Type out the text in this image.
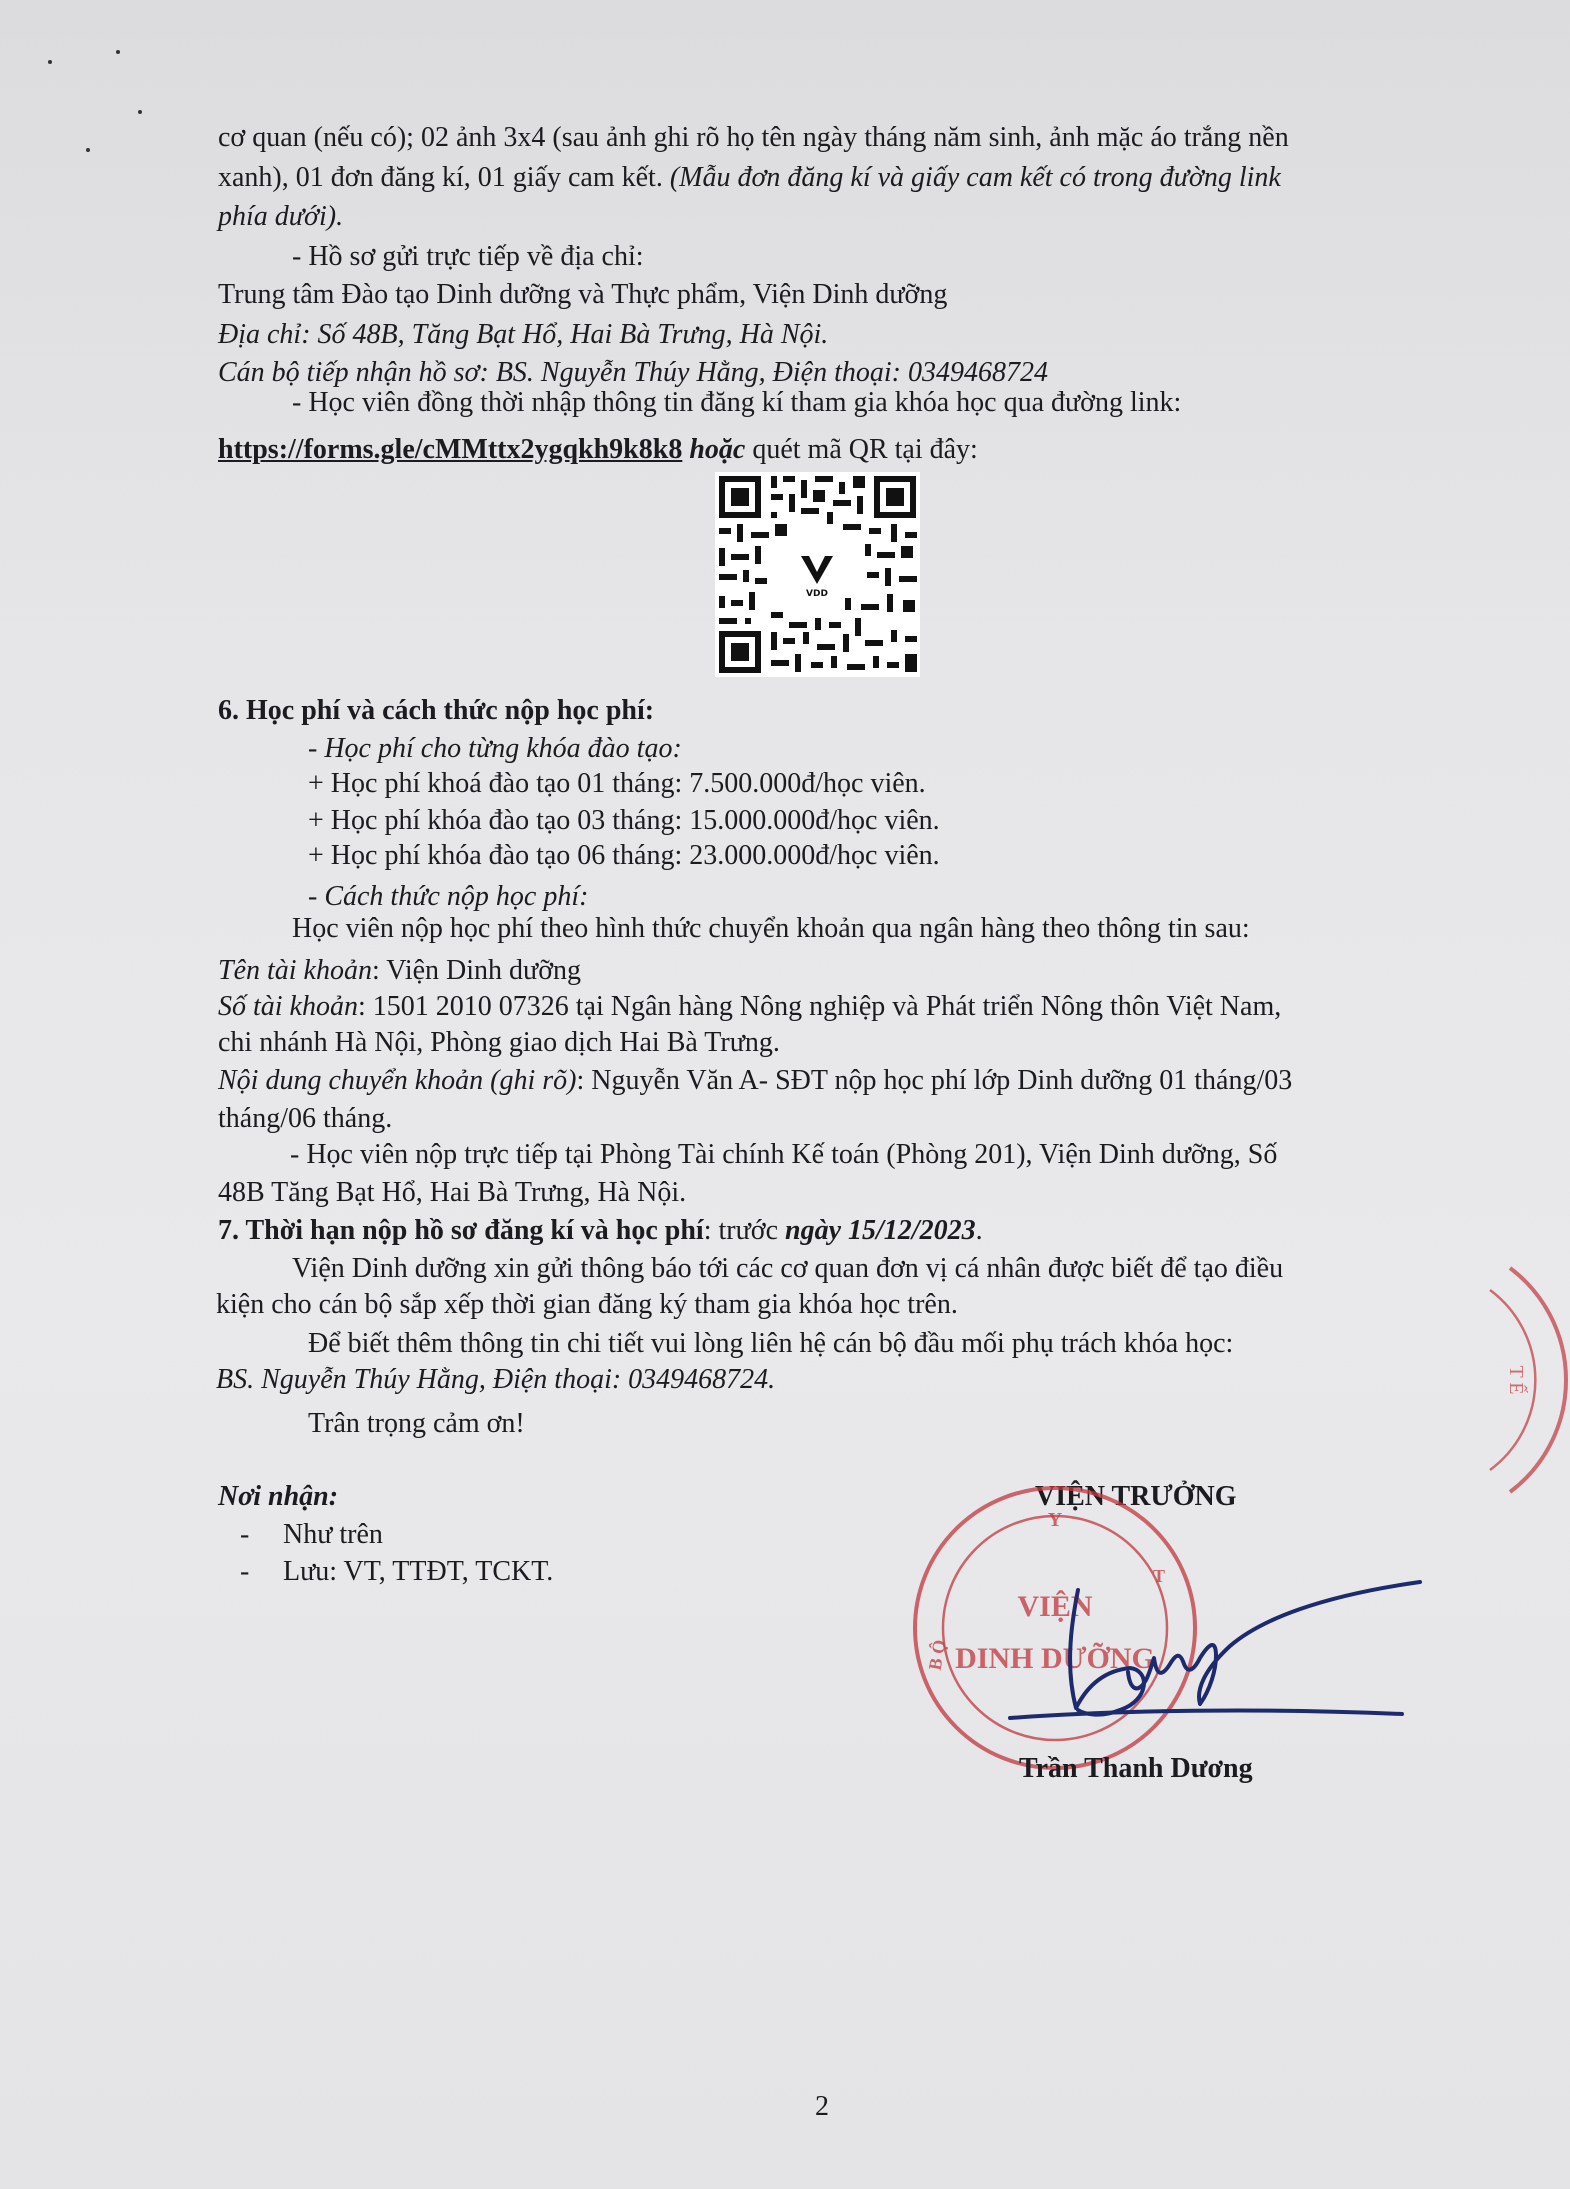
cơ quan (nếu có); 02 ảnh 3x4 (sau ảnh ghi rõ họ tên ngày tháng năm sinh, ảnh mặc áo trắng nền
xanh), 01 đơn đăng kí, 01 giấy cam kết. (Mẫu đơn đăng kí và giấy cam kết có trong đường link
phía dưới).
- Hồ sơ gửi trực tiếp về địa chỉ:
Trung tâm Đào tạo Dinh dưỡng và Thực phẩm, Viện Dinh dưỡng
Địa chỉ: Số 48B, Tăng Bạt Hổ, Hai Bà Trưng, Hà Nội.
Cán bộ tiếp nhận hồ sơ: BS. Nguyễn Thúy Hằng, Điện thoại: 0349468724
- Học viên đồng thời nhập thông tin đăng kí tham gia khóa học qua đường link:
https://forms.gle/cMMttx2ygqkh9k8k8 hoặc quét mã QR tại đây:
VDD
6. Học phí và cách thức nộp học phí:
- Học phí cho từng khóa đào tạo:
+ Học phí khoá đào tạo 01 tháng: 7.500.000đ/học viên.
+ Học phí khóa đào tạo 03 tháng: 15.000.000đ/học viên.
+ Học phí khóa đào tạo 06 tháng: 23.000.000đ/học viên.
- Cách thức nộp học phí:
Học viên nộp học phí theo hình thức chuyển khoản qua ngân hàng theo thông tin sau:
Tên tài khoản: Viện Dinh dưỡng
Số tài khoản: 1501 2010 07326 tại Ngân hàng Nông nghiệp và Phát triển Nông thôn Việt Nam,
chi nhánh Hà Nội, Phòng giao dịch Hai Bà Trưng.
Nội dung chuyển khoản (ghi rõ): Nguyễn Văn A- SĐT nộp học phí lớp Dinh dưỡng 01 tháng/03
tháng/06 tháng.
- Học viên nộp trực tiếp tại Phòng Tài chính Kế toán (Phòng 201), Viện Dinh dưỡng, Số
48B Tăng Bạt Hổ, Hai Bà Trưng, Hà Nội.
7. Thời hạn nộp hồ sơ đăng kí và học phí: trước ngày 15/12/2023.
Viện Dinh dưỡng xin gửi thông báo tới các cơ quan đơn vị cá nhân được biết để tạo điều
kiện cho cán bộ sắp xếp thời gian đăng ký tham gia khóa học trên.
Để biết thêm thông tin chi tiết vui lòng liên hệ cán bộ đầu mối phụ trách khóa học:
BS. Nguyễn Thúy Hằng, Điện thoại: 0349468724.
Trân trọng cảm ơn!
Nơi nhận:
- Như trên
- Lưu: VT, TTĐT, TCKT.
VIỆN TRƯỞNG
Y
B Ộ
T
VIỆN
DINH DƯỠNG
T Ế
Trần Thanh Dương
2
